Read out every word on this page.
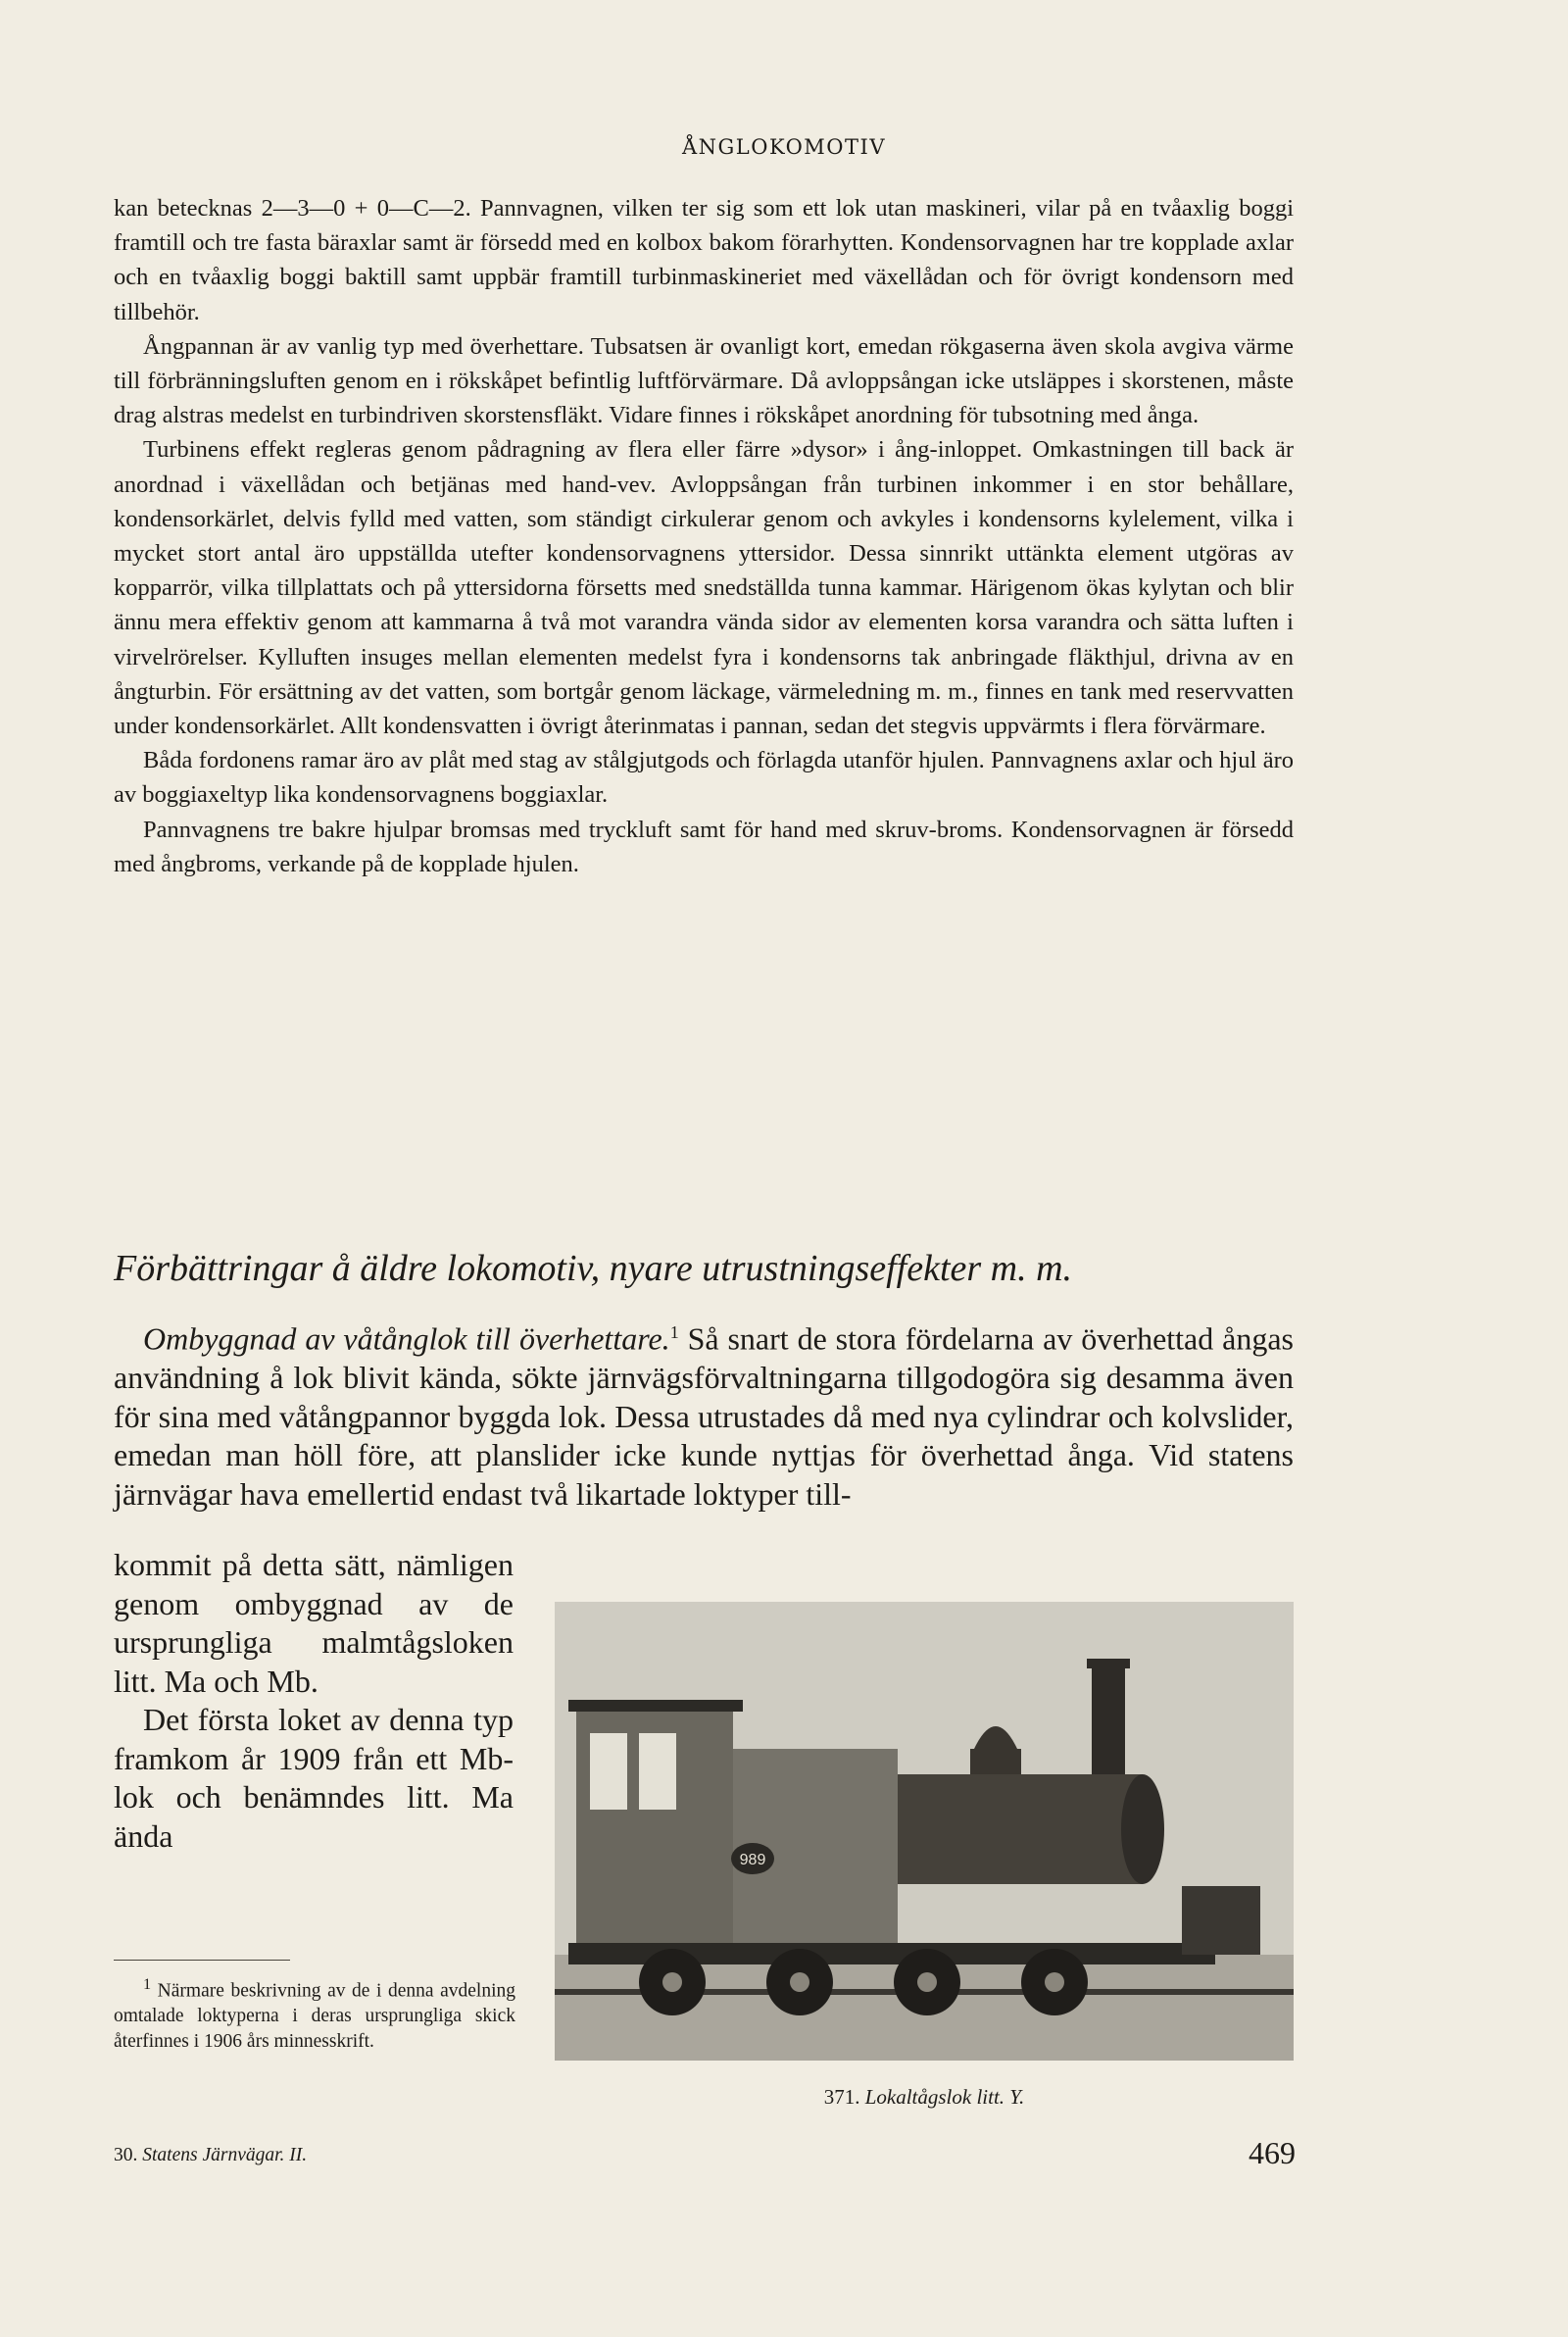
ÅNGLOKOMOTIV

kan betecknas 2—3—0 + 0—C—2. Pannvagnen, vilken ter sig som ett lok utan maskineri, vilar på en tvåaxlig boggi framtill och tre fasta bäraxlar samt är försedd med en kolbox bakom förarhytten. Kondensorvagnen har tre kopplade axlar och en tvåaxlig boggi baktill samt uppbär framtill turbinmaskineriet med växellådan och för övrigt kondensorn med tillbehör.

Ångpannan är av vanlig typ med överhettare. Tubsatsen är ovanligt kort, emedan rökgaserna även skola avgiva värme till förbränningsluften genom en i rökskåpet befintlig luftförvärmare. Då avloppsångan icke utsläppes i skorstenen, måste drag alstras medelst en turbindriven skorstensfläkt. Vidare finnes i rökskåpet anordning för tubsotning med ånga.

Turbinens effekt regleras genom pådragning av flera eller färre »dysor» i ång-inloppet. Omkastningen till back är anordnad i växellådan och betjänas med hand-vev. Avloppsångan från turbinen inkommer i en stor behållare, kondensorkärlet, delvis fylld med vatten, som ständigt cirkulerar genom och avkyles i kondensorns kylelement, vilka i mycket stort antal äro uppställda utefter kondensorvagnens yttersidor. Dessa sinnrikt uttänkta element utgöras av kopparrör, vilka tillplattats och på yttersidorna försetts med snedställda tunna kammar. Härigenom ökas kylytan och blir ännu mera effektiv genom att kammarna å två mot varandra vända sidor av elementen korsa varandra och sätta luften i virvelrörelser. Kylluften insuges mellan elementen medelst fyra i kondensorns tak anbringade fläkthjul, drivna av en ångturbin. För ersättning av det vatten, som bortgår genom läckage, värmeledning m. m., finnes en tank med reservvatten under kondensorkärlet. Allt kondensvatten i övrigt återinmatas i pannan, sedan det stegvis uppvärmts i flera förvärmare.

Båda fordonens ramar äro av plåt med stag av stålgjutgods och förlagda utanför hjulen. Pannvagnens axlar och hjul äro av boggiaxeltyp lika kondensorvagnens boggiaxlar.

Pannvagnens tre bakre hjulpar bromsas med tryckluft samt för hand med skruv-broms. Kondensorvagnen är försedd med ångbroms, verkande på de kopplade hjulen.

Förbättringar å äldre lokomotiv, nyare utrustningseffekter m. m.

Ombyggnad av våtånglok till överhettare.$^1$ Så snart de stora fördelarna av överhettad ångas användning å lok blivit kända, sökte järnvägsförvaltningarna tillgodogöra sig desamma även för sina med våtångpannor byggda lok. Dessa utrustades då med nya cylindrar och kolvslider, emedan man höll före, att planslider icke kunde nyttjas för överhettad ånga. Vid statens järnvägar hava emellertid endast två likartade loktyper till-

kommit på detta sätt, nämligen genom ombyggnad av de ursprungliga malmtågsloken litt. Ma och Mb.

Det första loket av denna typ framkom år 1909 från ett Mb-lok och benämndes litt. Ma ända

$^1$ Närmare beskrivning av de i denna avdelning omtalade loktyperna i deras ursprungliga skick återfinnes i 1906 års minnesskrift.

989
371. Lokaltågslok litt. Y.
30. Statens Järnvägar. II.	469
